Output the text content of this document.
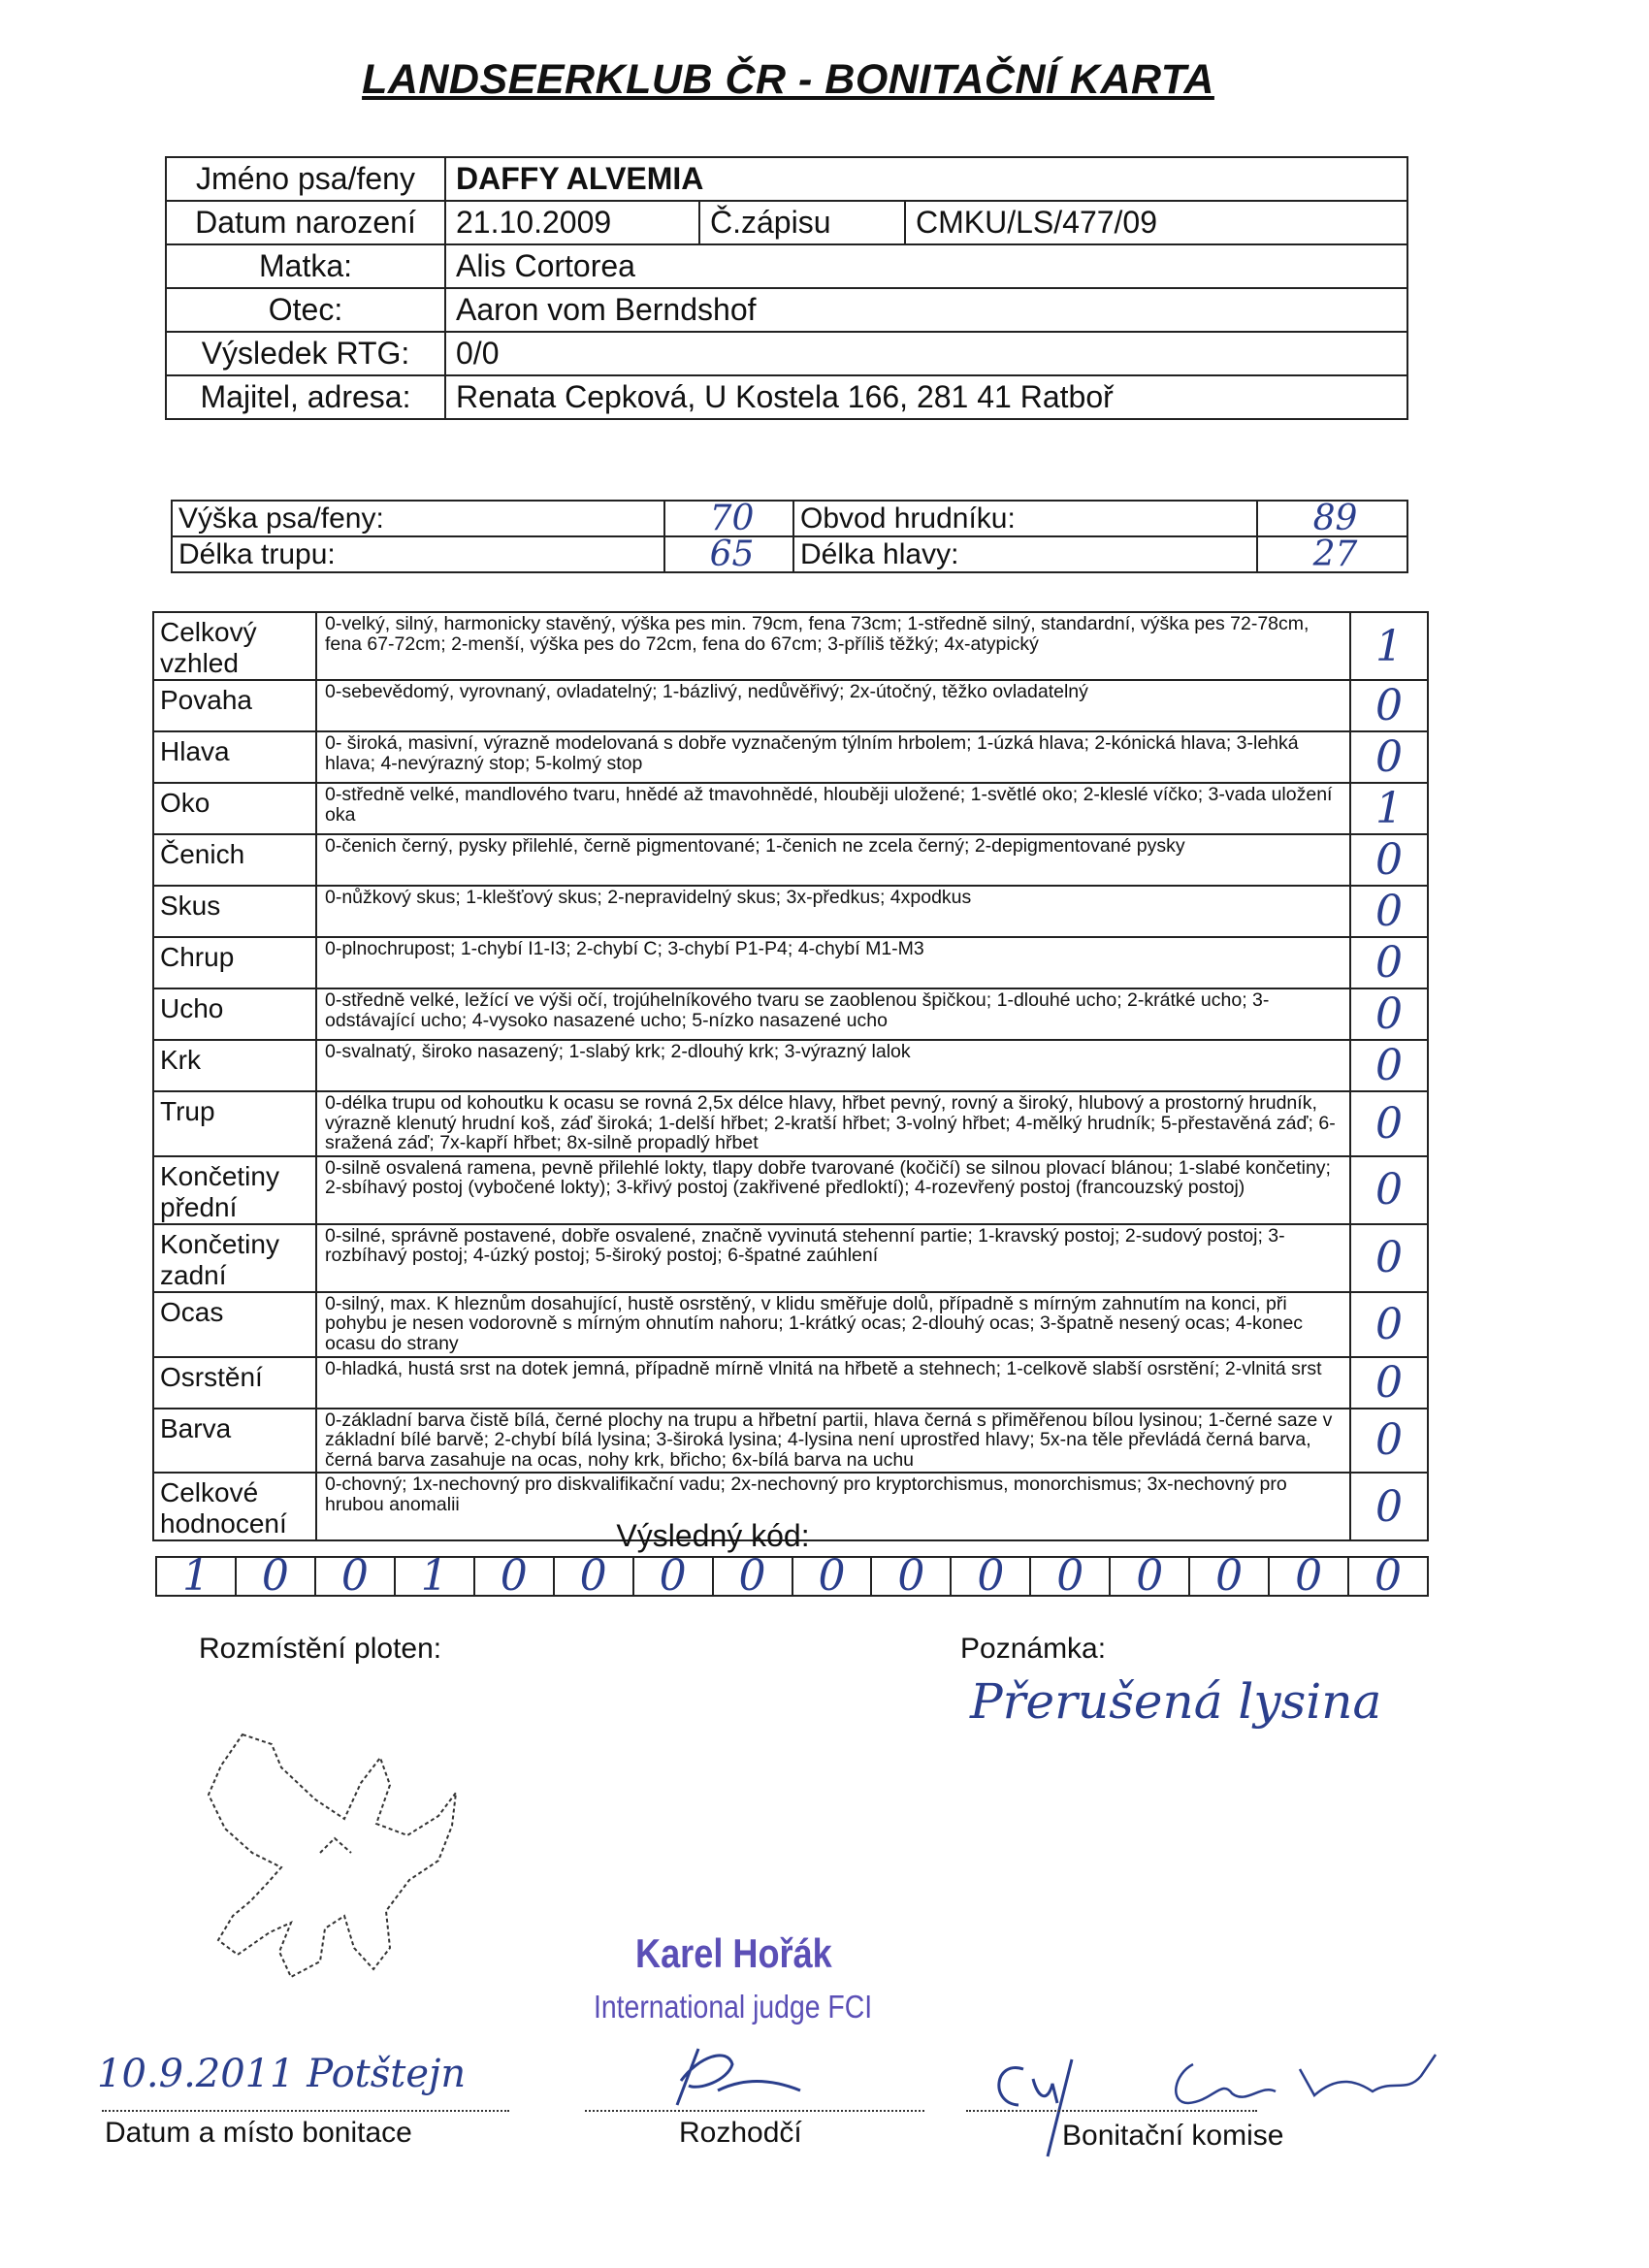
LANDSEERKLUB ČR - BONITAČNÍ KARTA
Jméno psa/feny	DAFFY ALVEMIA		
Datum narození	21.10.2009	Č.zápisu	CMKU/LS/477/09
Matka:	Alis Cortorea		
Otec:	Aaron vom Berndshof		
Výsledek RTG:	0/0		
Majitel, adresa:	Renata Cepková, U Kostela 166, 281 41 Ratboř		
Výška psa/feny:	70	Obvod hrudníku:	89
Délka trupu:	65	Délka hlavy:	27
Celkový vzhled	0-velký, silný, harmonicky stavěný, výška pes min. 79cm, fena 73cm; 1-středně silný, standardní, výška pes 72-78cm, fena 67-72cm; 2-menší, výška pes do 72cm, fena do 67cm; 3-příliš těžký; 4x-atypický	1
Povaha	0-sebevědomý, vyrovnaný, ovladatelný; 1-bázlivý, nedůvěřivý; 2x-útočný, těžko ovladatelný	0
Hlava	0- široká, masivní, výrazně modelovaná s dobře vyznačeným týlním hrbolem; 1-úzká hlava; 2-kónická hlava; 3-lehká hlava; 4-nevýrazný stop; 5-kolmý stop	0
Oko	0-středně velké, mandlového tvaru, hnědé až tmavohnědé, hlouběji uložené; 1-světlé oko; 2-kleslé víčko; 3-vada uložení oka	1
Čenich	0-čenich černý, pysky přilehlé, černě pigmentované; 1-čenich ne zcela černý; 2-depigmentované pysky	0
Skus	0-nůžkový skus; 1-klešťový skus; 2-nepravidelný skus; 3x-předkus; 4xpodkus	0
Chrup	0-plnochrupost; 1-chybí I1-I3; 2-chybí C; 3-chybí P1-P4; 4-chybí M1-M3	0
Ucho	0-středně velké, ležící ve výši očí, trojúhelníkového tvaru se zaoblenou špičkou; 1-dlouhé ucho; 2-krátké ucho; 3-odstávající ucho; 4-vysoko nasazené ucho; 5-nízko nasazené ucho	0
Krk	0-svalnatý, široko nasazený; 1-slabý krk; 2-dlouhý krk; 3-výrazný lalok	0
Trup	0-délka trupu od kohoutku k ocasu se rovná 2,5x délce hlavy, hřbet pevný, rovný a široký, hlubový a prostorný hrudník, výrazně klenutý hrudní koš, záď široká; 1-delší hřbet; 2-kratší hřbet; 3-volný hřbet; 4-mělký hrudník; 5-přestavěná záď; 6-sražená záď; 7x-kapří hřbet; 8x-silně propadlý hřbet	0
Končetiny přední	0-silně osvalená ramena, pevně přilehlé lokty, tlapy dobře tvarované (kočičí) se silnou plovací blánou; 1-slabé končetiny; 2-sbíhavý postoj (vybočené lokty); 3-křivý postoj (zakřivené předloktí); 4-rozevřený postoj (francouzský postoj)	0
Končetiny zadní	0-silné, správně postavené, dobře osvalené, značně vyvinutá stehenní partie; 1-kravský postoj; 2-sudový postoj; 3-rozbíhavý postoj; 4-úzký postoj; 5-široký postoj; 6-špatné zaúhlení	0
Ocas	0-silný, max. K hleznům dosahující, hustě osrstěný, v klidu směřuje dolů, případně s mírným zahnutím na konci, při pohybu je nesen vodorovně s mírným ohnutím nahoru; 1-krátký ocas; 2-dlouhý ocas; 3-špatně nesený ocas; 4-konec ocasu do strany	0
Osrstění	0-hladká, hustá srst na dotek jemná, případně mírně vlnitá na hřbetě a stehnech; 1-celkově slabší osrstění; 2-vlnitá srst	0
Barva	0-základní barva čistě bílá, černé plochy na trupu a hřbetní partii, hlava černá s přiměřenou bílou lysinou; 1-černé saze v základní bílé barvě; 2-chybí bílá lysina; 3-široká lysina; 4-lysina není uprostřed hlavy; 5x-na těle převládá černá barva, černá barva zasahuje na ocas, nohy krk, břicho; 6x-bílá barva na uchu	0
Celkové hodnocení	0-chovný; 1x-nechovný pro diskvalifikační vadu; 2x-nechovný pro kryptorchismus, monorchismus; 3x-nechovný pro hrubou anomalii	0
Výsledný kód:
1	0	0	1	0	0	0	0	0	0	0	0	0	0	0	0
Rozmístění ploten:	Poznámka:
Přerušená lysina
Karel Hořák
International judge FCI
10.9.2011 Potštejn
Datum a místo bonitace	Rozhodčí	Bonitační komise
